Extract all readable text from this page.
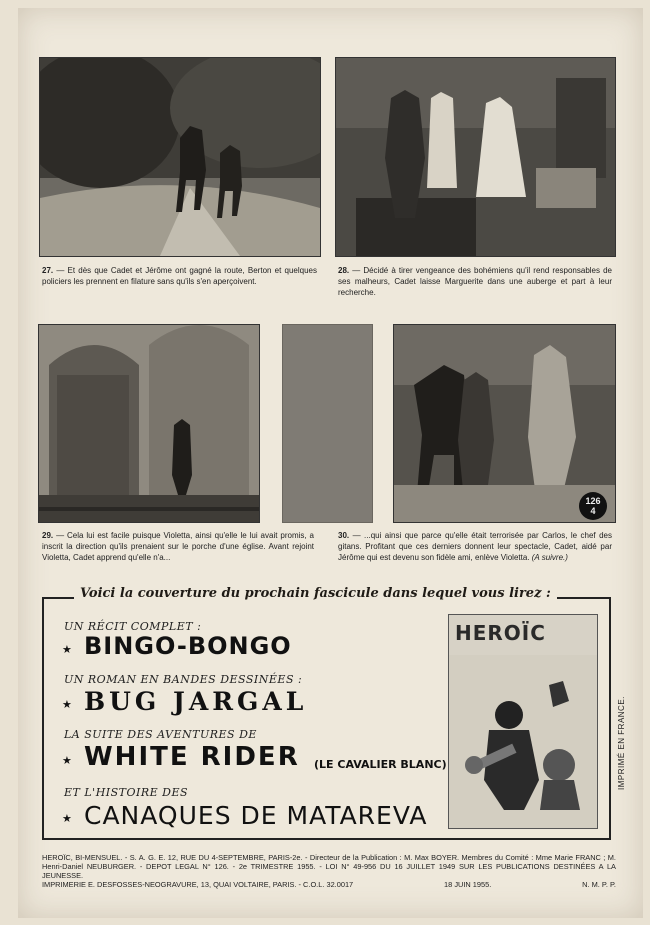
27. — Et dès que Cadet et Jérôme ont gagné la route, Berton et quelques policiers les prennent en filature sans qu'ils s'en aperçoivent.
28. — Décidé à tirer vengeance des bohémiens qu'il rend responsables de ses malheurs, Cadet laisse Marguerite dans une auberge et part à leur recherche.
29. — Cela lui est facile puisque Violetta, ainsi qu'elle le lui avait promis, a inscrit la direction qu'ils prenaient sur le porche d'une église. Avant rejoint Violetta, Cadet apprend qu'elle n'a...
126
4
30. — ...qui ainsi que parce qu'elle était terrorisée par Carlos, le chef des gitans. Profitant que ces derniers donnent leur spectacle, Cadet, aidé par Jérôme qui est devenu son fidèle ami, enlève Violetta. (A suivre.)
Voici la couverture du prochain fascicule dans lequel vous lirez :
UN RÉCIT COMPLET :
★ BINGO-BONGO
UN ROMAN EN BANDES DESSINÉES :
★ BUG JARGAL
LA SUITE DES AVENTURES DE
★ WHITE RIDER (LE CAVALIER BLANC)
ET L'HISTOIRE DES
★ CANAQUES DE MATAREVA
HEROÏC
HEROÏC, BI-MENSUEL. - S. A. G. E. 12, RUE DU 4-SEPTEMBRE, PARIS-2e. - Directeur de la Publication : M. Max BOYER. Membres du Comité : Mme Marie FRANC ; M. Henri-Daniel NEUBURGER. - DEPOT LEGAL N° 126. - 2e TRIMESTRE 1955. - LOI N° 49-956 DU 16 JUILLET 1949 SUR LES PUBLICATIONS DESTINÉES A LA JEUNESSE.
IMPRIMERIE E. DESFOSSES-NEOGRAVURE, 13, QUAI VOLTAIRE, PARIS. - C.O.L. 32.0017	18 JUIN 1955.	N. M. P. P.
IMPRIMÉ EN FRANCE.
